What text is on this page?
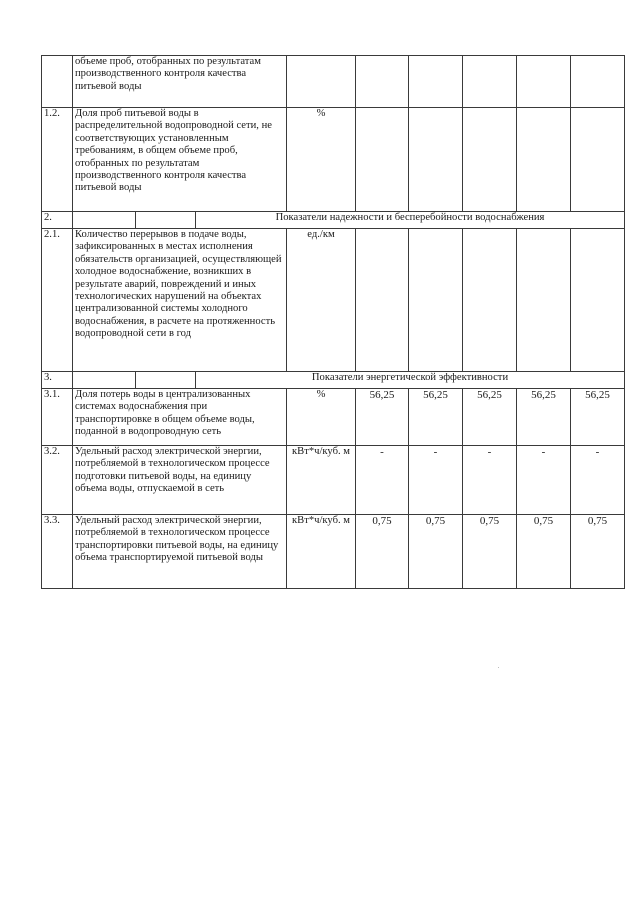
	объеме проб, отобранных по результатам производственного контроля качества питьевой воды								
1.2.	Доля проб питьевой воды в распределительной водопроводной сети, не соответствующих установленным требованиям, в общем объеме проб, отобранных по результатам производственного контроля качества питьевой воды			%					
2.			Показатели надежности и бесперебойности водоснабжения						
2.1.	Количество перерывов в подаче воды, зафиксированных в местах исполнения обязательств организацией, осуществляющей холодное водоснабжение, возникших в результате аварий, повреждений и иных технологических нарушений на объектах централизованной системы холодного водоснабжения, в расчете на протяженность водопроводной сети в год			ед./км					
3.			Показатели энергетической эффективности						
3.1.	Доля потерь воды в централизованных системах водоснабжения при транспортировке в общем объеме воды, поданной в водопроводную сеть			%	56,25	56,25	56,25	56,25	56,25
3.2.	Удельный расход электрической энергии, потребляемой в технологическом процессе подготовки питьевой воды, на единицу объема воды, отпускаемой в сеть			кВт*ч/куб. м	-	-	-	-	-
3.3.	Удельный расход электрической энергии, потребляемой в технологическом процессе транспортировки питьевой воды, на единицу объема транспортируемой питьевой воды			кВт*ч/куб. м	0,75	0,75	0,75	0,75	0,75
